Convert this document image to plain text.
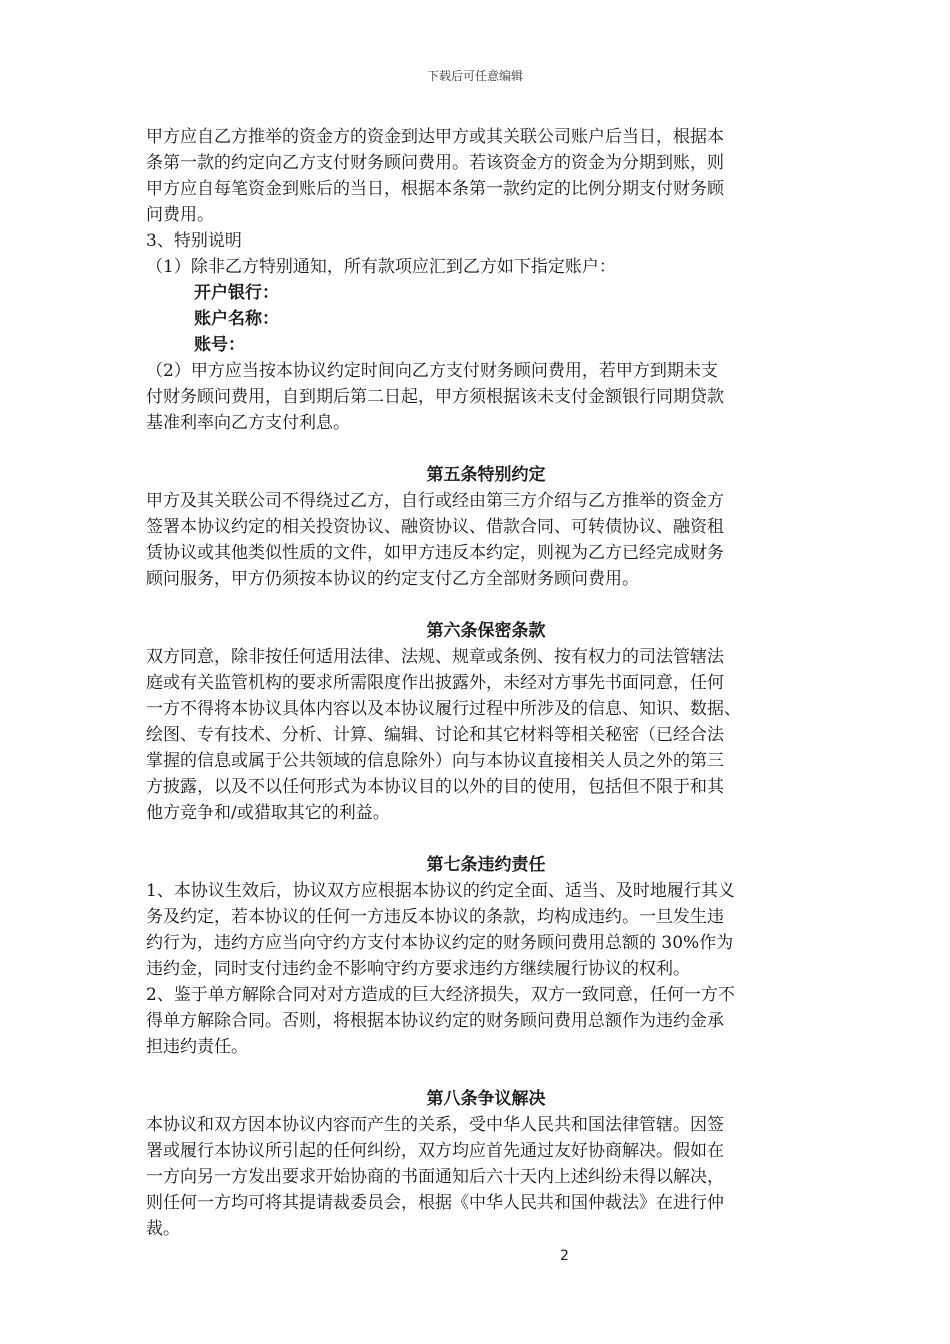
下载后可任意编辑

甲方应自乙方推举的资金方的资金到达甲方或其关联公司账户后当日，根据本
条第一款的约定向乙方支付财务顾问费用。若该资金方的资金为分期到账，则
甲方应自每笔资金到账后的当日，根据本条第一款约定的比例分期支付财务顾
问费用。

3、特别说明

（1）除非乙方特别通知，所有款项应汇到乙方如下指定账户：

开户银行：

账户名称：

账号：

（2）甲方应当按本协议约定时间向乙方支付财务顾问费用，若甲方到期未支
付财务顾问费用，自到期后第二日起，甲方须根据该未支付金额银行同期贷款
基准利率向乙方支付利息。

第五条特别约定

甲方及其关联公司不得绕过乙方，自行或经由第三方介绍与乙方推举的资金方
签署本协议约定的相关投资协议、融资协议、借款合同、可转债协议、融资租
赁协议或其他类似性质的文件，如甲方违反本约定，则视为乙方已经完成财务
顾问服务，甲方仍须按本协议的约定支付乙方全部财务顾问费用。

第六条保密条款

双方同意，除非按任何适用法律、法规、规章或条例、按有权力的司法管辖法
庭或有关监管机构的要求所需限度作出披露外，未经对方事先书面同意，任何
一方不得将本协议具体内容以及本协议履行过程中所涉及的信息、知识、数据、
绘图、专有技术、分析、计算、编辑、讨论和其它材料等相关秘密（已经合法
掌握的信息或属于公共领域的信息除外）向与本协议直接相关人员之外的第三
方披露，以及不以任何形式为本协议目的以外的目的使用，包括但不限于和其
他方竞争和/或猎取其它的利益。

第七条违约责任

1、本协议生效后，协议双方应根据本协议的约定全面、适当、及时地履行其义
务及约定，若本协议的任何一方违反本协议的条款，均构成违约。一旦发生违
约行为，违约方应当向守约方支付本协议约定的财务顾问费用总额的 30%作为
违约金，同时支付违约金不影响守约方要求违约方继续履行协议的权利。
2、鉴于单方解除合同对对方造成的巨大经济损失，双方一致同意，任何一方不
得单方解除合同。否则，将根据本协议约定的财务顾问费用总额作为违约金承
担违约责任。

第八条争议解决

本协议和双方因本协议内容而产生的关系，受中华人民共和国法律管辖。因签
署或履行本协议所引起的任何纠纷，双方均应首先通过友好协商解决。假如在
一方向另一方发出要求开始协商的书面通知后六十天内上述纠纷未得以解决，
则任何一方均可将其提请裁委员会，根据《中华人民共和国仲裁法》在进行仲
裁。

2
